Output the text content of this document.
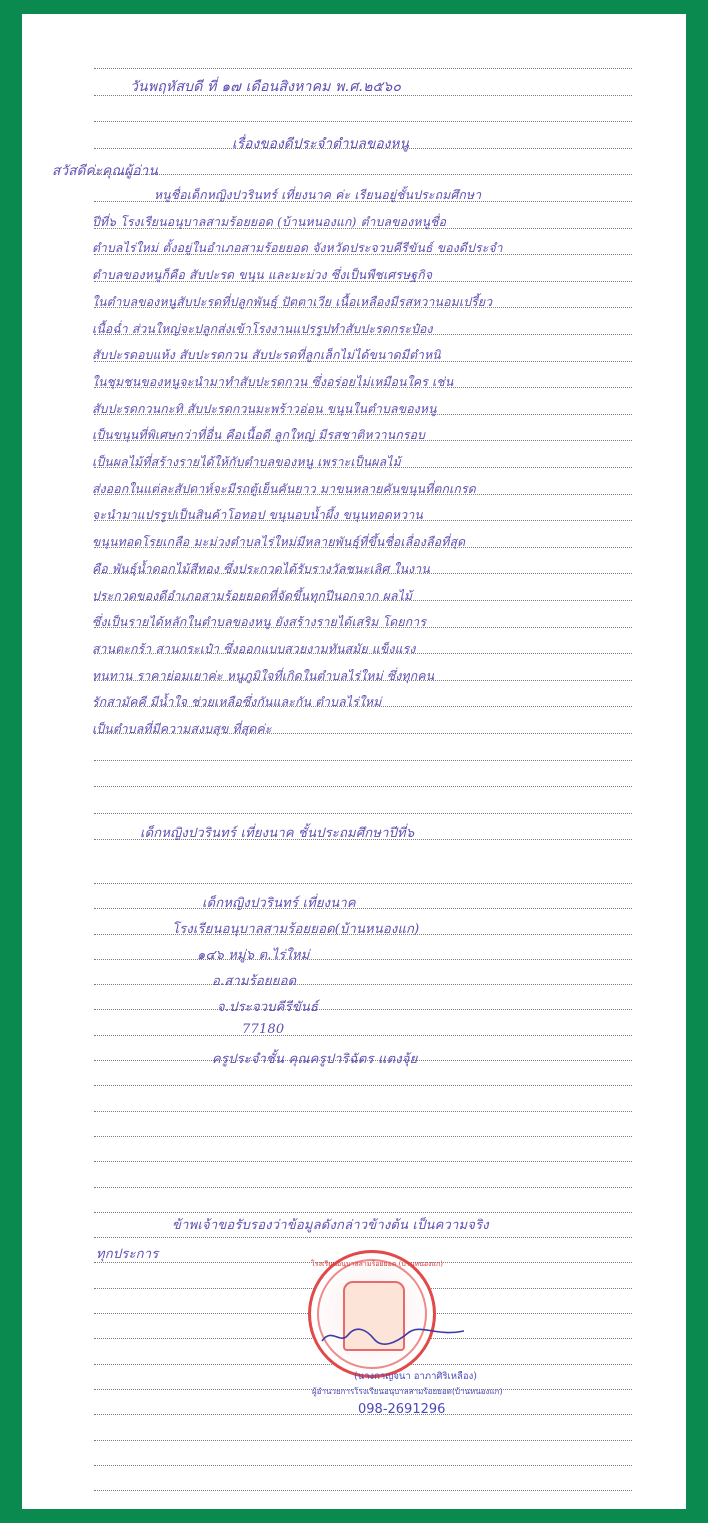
วันพฤหัสบดี ที่ ๑๗ เดือนสิงหาคม พ.ศ.๒๕๖๐
เรื่องของดีประจำตำบลของหนู
สวัสดีค่ะคุณผู้อ่าน
หนูชื่อเด็กหญิงปวรินทร์ เที่ยงนาค ค่ะ เรียนอยู่ชั้นประถมศึกษา
ปีที่๖ โรงเรียนอนุบาลสามร้อยยอด (บ้านหนองแก) ตำบลของหนูชื่อ
ตำบลไร่ใหม่ ตั้งอยู่ในอำเภอสามร้อยยอด จังหวัดประจวบคีรีขันธ์ ของดีประจำ
ตำบลของหนูก็คือ สับปะรด ขนุน และมะม่วง ซึ่งเป็นพืชเศรษฐกิจ
ในตำบลของหนูสับปะรดที่ปลูกพันธุ์ ปัตตาเวีย เนื้อเหลืองมีรสหวานอมเปรี้ยว
เนื้อฉ่ำ ส่วนใหญ่จะปลูกส่งเข้าโรงงานแปรรูปทำสับปะรดกระป๋อง
สับปะรดอบแห้ง สับปะรดกวน สับปะรดที่ลูกเล็กไม่ได้ขนาดมีตำหนิ
ในชุมชนของหนูจะนำมาทำสับปะรดกวน ซึ่งอร่อยไม่เหมือนใคร เช่น
สับปะรดกวนกะทิ สับปะรดกวนมะพร้าวอ่อน ขนุนในตำบลของหนู
เป็นขนุนที่พิเศษกว่าที่อื่น คือเนื้อดี ลูกใหญ่ มีรสชาติหวานกรอบ
เป็นผลไม้ที่สร้างรายได้ให้กับตำบลของหนู เพราะเป็นผลไม้
ส่งออกในแต่ละสัปดาห์จะมีรถตู้เย็นคันยาว มาขนหลายคันขนุนที่ตกเกรด
จะนำมาแปรรูปเป็นสินค้าโอทอป ขนุนอบน้ำผึ้ง ขนุนทอดหวาน
ขนุนทอดโรยเกลือ มะม่วงตำบลไร่ใหม่มีหลายพันธุ์ที่ขึ้นชื่อเลื่องลือที่สุด
คือ พันธุ์น้ำดอกไม้สีทอง ซึ่งประกวดได้รับรางวัลชนะเลิศ ในงาน
ประกวดของดีอำเภอสามร้อยยอดที่จัดขึ้นทุกปีนอกจาก ผลไม้
ซึ่งเป็นรายได้หลักในตำบลของหนู ยังสร้างรายได้เสริม โดยการ
สานตะกร้า สานกระเป๋า ซึ่งออกแบบสวยงามทันสมัย แข็งแรง
ทนทาน ราคาย่อมเยาค่ะ หนูภูมิใจที่เกิดในตำบลไร่ใหม่ ซึ่งทุกคน
รักสามัคคี มีน้ำใจ ช่วยเหลือซึ่งกันและกัน ตำบลไร่ใหม่
เป็นตำบลที่มีความสงบสุข ที่สุดค่ะ
เด็กหญิงปวรินทร์ เที่ยงนาค ชั้นประถมศึกษาปีที่๖
เด็กหญิงปวรินทร์ เที่ยงนาค
โรงเรียนอนุบาลสามร้อยยอด(บ้านหนองแก)
๑๔๖ หมู่๖ ต.ไร่ใหม่
อ.สามร้อยยอด
จ.ประจวบคีรีขันธ์
77180
ครูประจำชั้น คุณครูปาริฉัตร แตงจุ้ย
ข้าพเจ้าขอรับรองว่าข้อมูลดังกล่าวข้างต้น เป็นความจริง
ทุกประการ
โรงเรียนอนุบาลสามร้อยยอด (บ้านหนองแก)
(นางกาญจนา อาภาศิริเหลือง)
ผู้อำนวยการโรงเรียนอนุบาลสามร้อยยอด(บ้านหนองแก)
098-2691296
